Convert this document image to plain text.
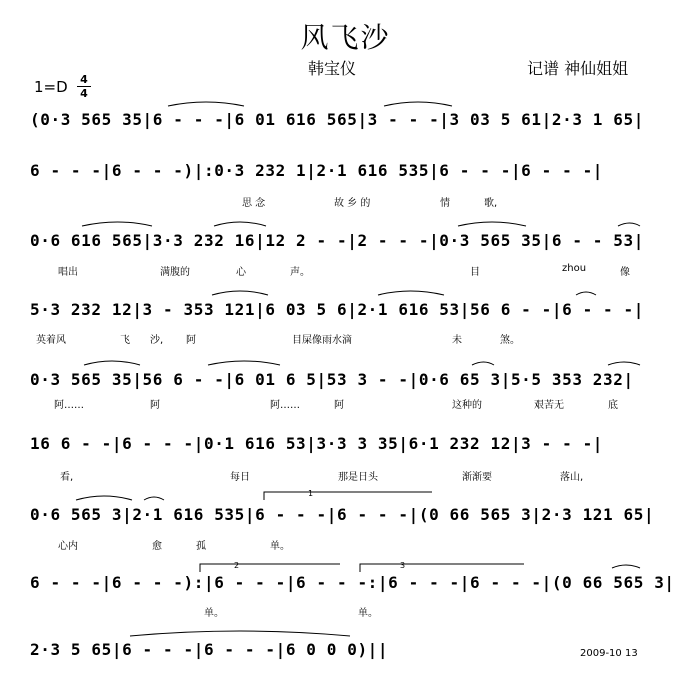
风飞沙
韩宝仪	记谱 神仙姐姐
1=D 4
4
(0·3 565 35|6 - - -|6 01 616 565|3 - - -|3 03 5 61|2·3 1 65|
6 - - -|6 - - -)|:0·3 232 1|2·1 616 535|6 - - -|6 - - -|
0·6 616 565|3·3 232 16|12 2 - -|2 - - -|0·3 565 35|6 - - 53|
5·3 232 12|3 - 353 121|6 03 5 6|2·1 616 53|56 6 - -|6 - - -|
0·3 565 35|56 6 - -|6 01 6 5|53 3 - -|0·6 65 3|5·5 353 232|
16 6 - -|6 - - -|0·1 616 53|3·3 3 35|6·1 232 12|3 - - -|
0·6 565 3|2·1 616 535|6 - - -|6 - - -|(0 66 565 3|2·3 121 65|
6 - - -|6 - - -):|6 - - -|6 - - -:|6 - - -|6 - - -|(0 66 565 3|
2·3 5 65|6 - - -|6 - - -|6 0 0 0)||
思 念	故 乡 的	情	歌,
唱出	满腹的	心	声。	目	zhou	像
英着风	飞 沙, 阿	目屎像雨水滴	未	煞。
阿……	阿	阿……	阿	这种的	艰苦无	底
看,	每日	那是日头	渐渐要	落山,
心内	愈	孤	单。
单。	单。
1
2	3
2009-10 13
